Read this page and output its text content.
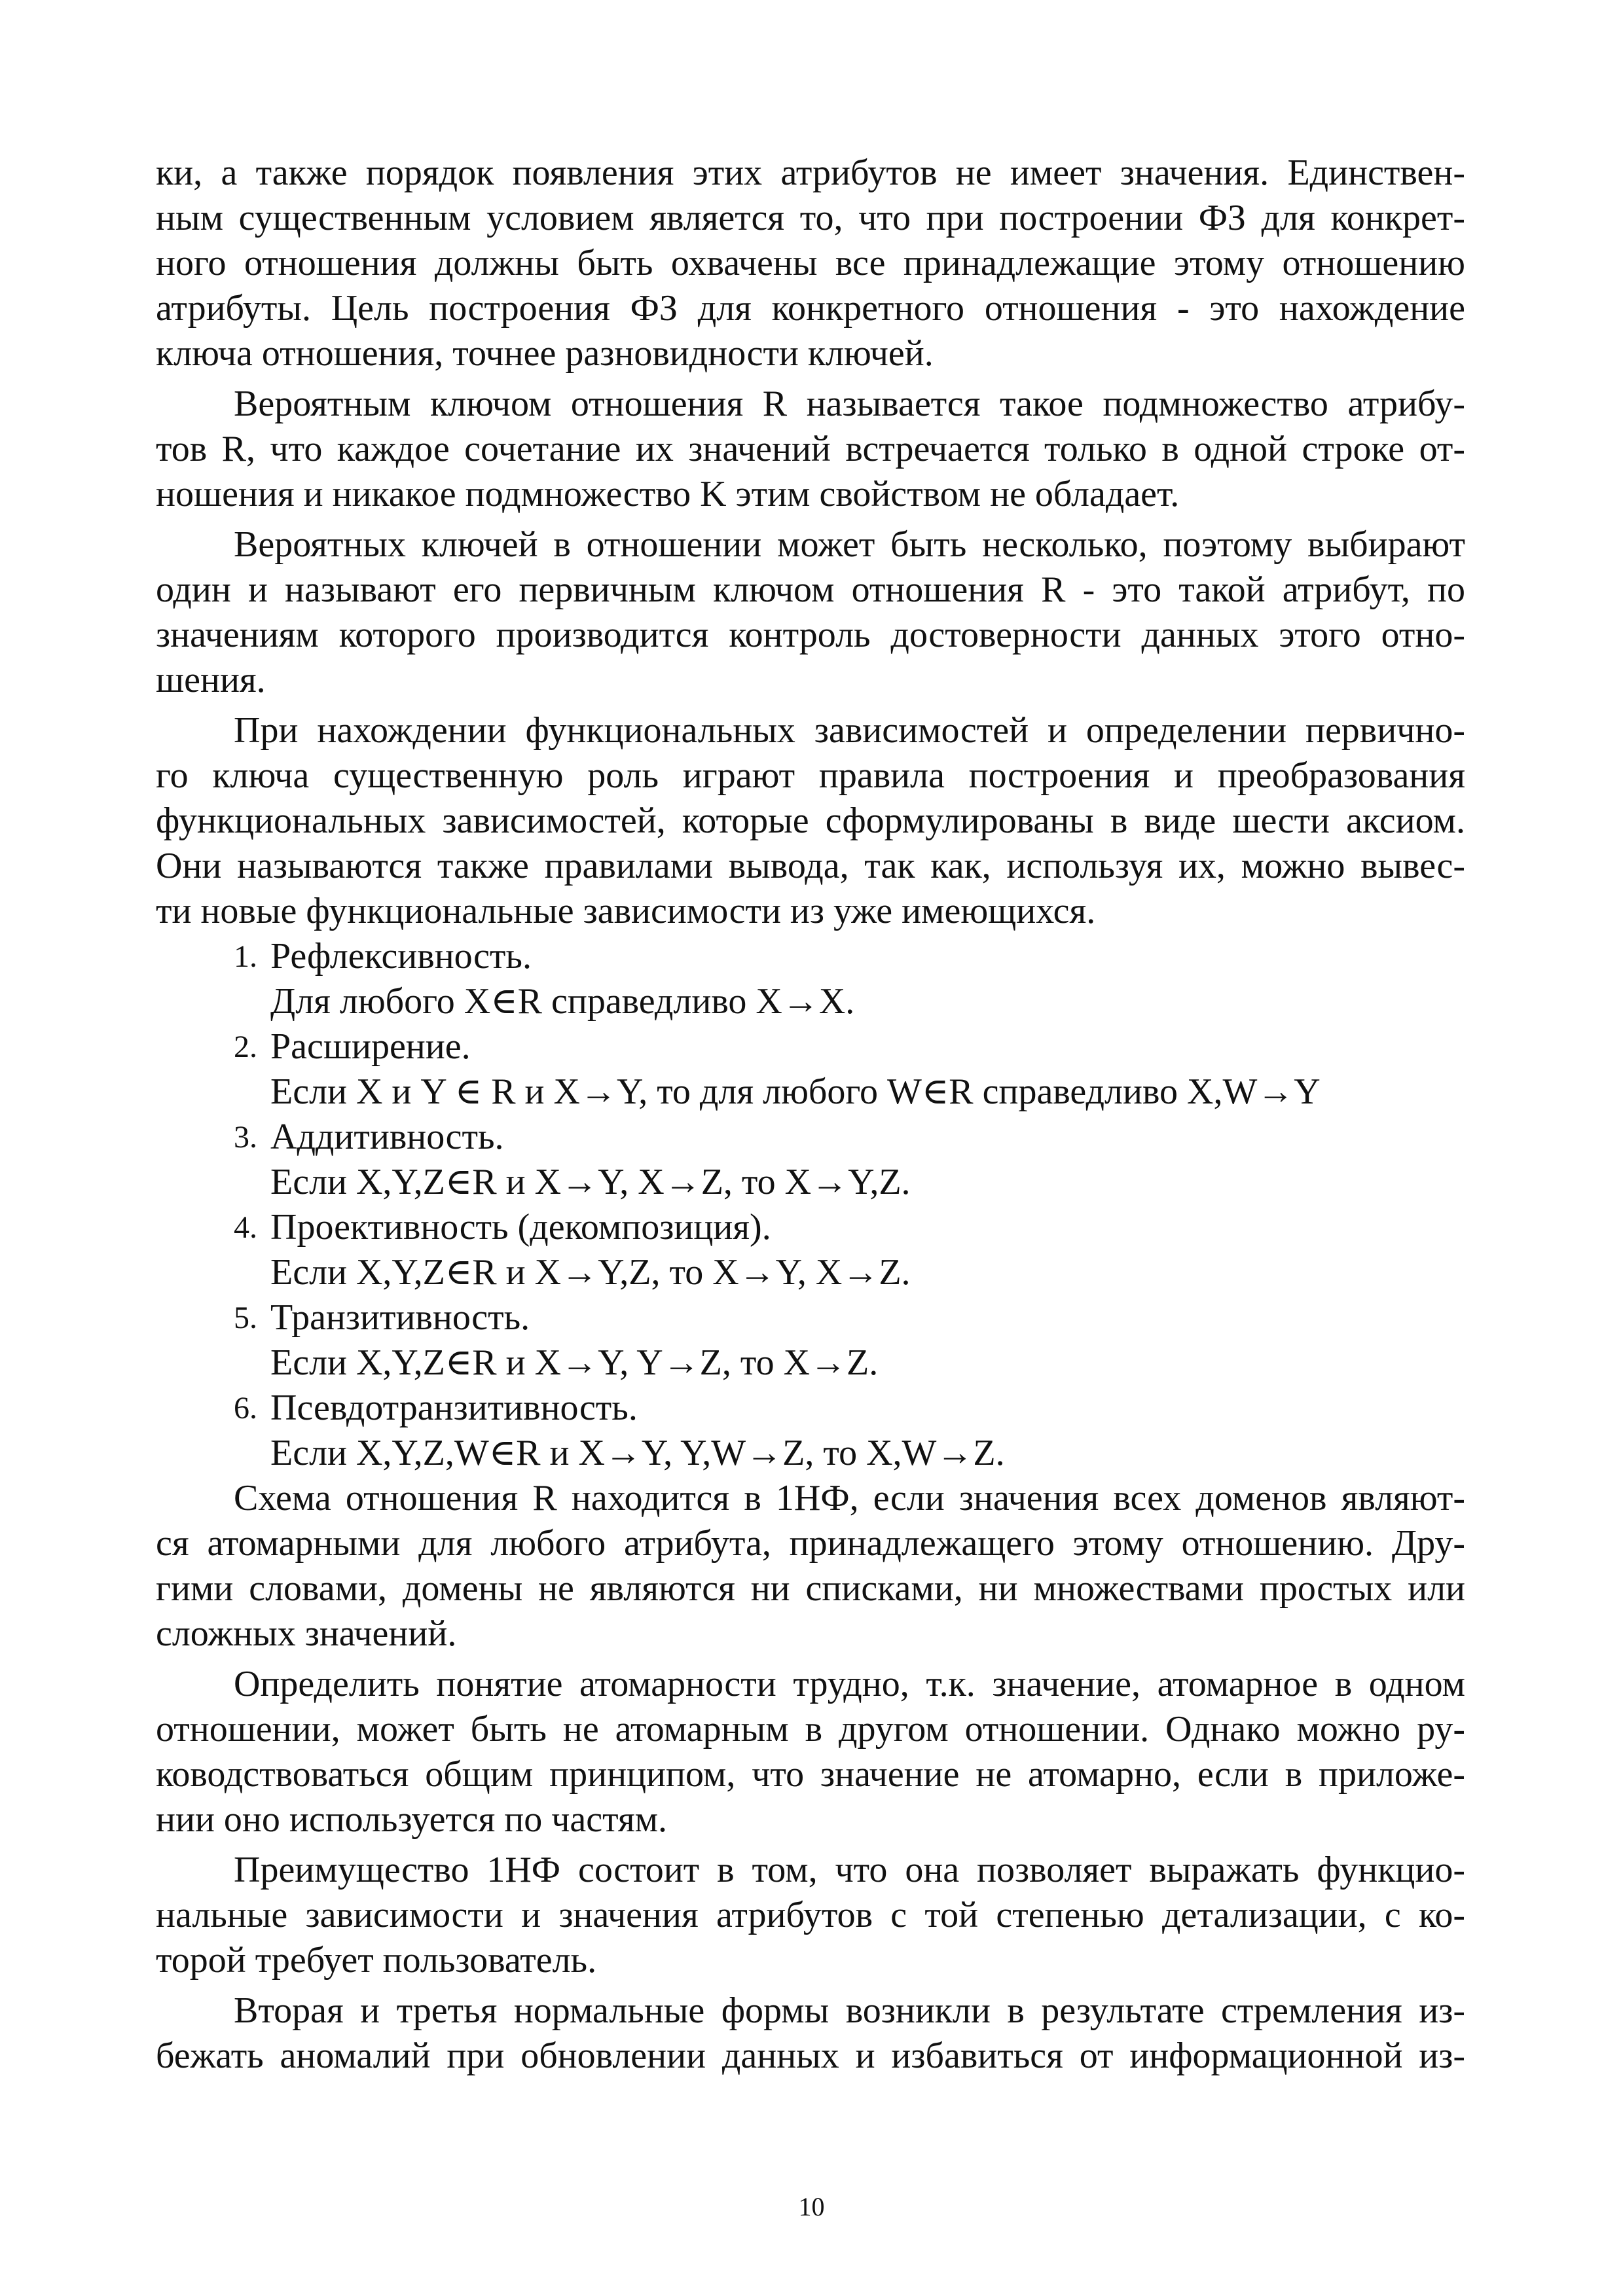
ки, а также порядок появления этих атрибутов не имеет значения. Единствен-

ным существенным условием является то, что при построении ФЗ для конкрет-

ного отношения должны быть охвачены все принадлежащие этому отношению

атрибуты. Цель построения ФЗ для конкретного отношения - это нахождение

ключа отношения, точнее разновидности ключей.

Вероятным ключом отношения R называется такое подмножество атрибу-

тов R, что каждое сочетание их значений встречается только в одной строке от-

ношения и никакое подмножество K этим свойством не обладает.

Вероятных ключей в отношении может быть несколько, поэтому выбирают

один и называют его первичным ключом отношения R - это такой атрибут, по

значениям которого производится контроль достоверности данных этого отно-

шения.

При нахождении функциональных зависимостей и определении первично-

го ключа существенную роль играют правила построения и преобразования

функциональных зависимостей, которые сформулированы в виде шести аксиом.

Они называются также правилами вывода, так как, используя их, можно вывес-

ти новые функциональные зависимости из уже имеющихся.

1. Рефлексивность.
Для любого X∈R справедливо X→X.
2. Расширение.
Если X и Y ∈ R и X→Y, то для любого W∈R справедливо X,W→Y
3. Аддитивность.
Если X,Y,Z∈R и X→Y, X→Z, то X→Y,Z.
4. Проективность (декомпозиция).
Если X,Y,Z∈R и X→Y,Z, то X→Y, X→Z.
5. Транзитивность.
Если X,Y,Z∈R и X→Y, Y→Z, то X→Z.
6. Псевдотранзитивность.
Если X,Y,Z,W∈R и X→Y, Y,W→Z, то X,W→Z.

Схема отношения R находится в 1НФ, если значения всех доменов являют-

ся атомарными для любого атрибута, принадлежащего этому отношению. Дру-

гими словами, домены не являются ни списками, ни множествами простых или

сложных значений.

Определить понятие атомарности трудно, т.к. значение, атомарное в одном

отношении, может быть не атомарным в другом отношении. Однако можно ру-

ководствоваться общим принципом, что значение не атомарно, если в приложе-

нии оно используется по частям.

Преимущество 1НФ состоит в том, что она позволяет выражать функцио-

нальные зависимости и значения атрибутов с той степенью детализации, с ко-

торой требует пользователь.

Вторая и третья нормальные формы возникли в результате стремления из-

бежать аномалий при обновлении данных и избавиться от информационной из-

10
